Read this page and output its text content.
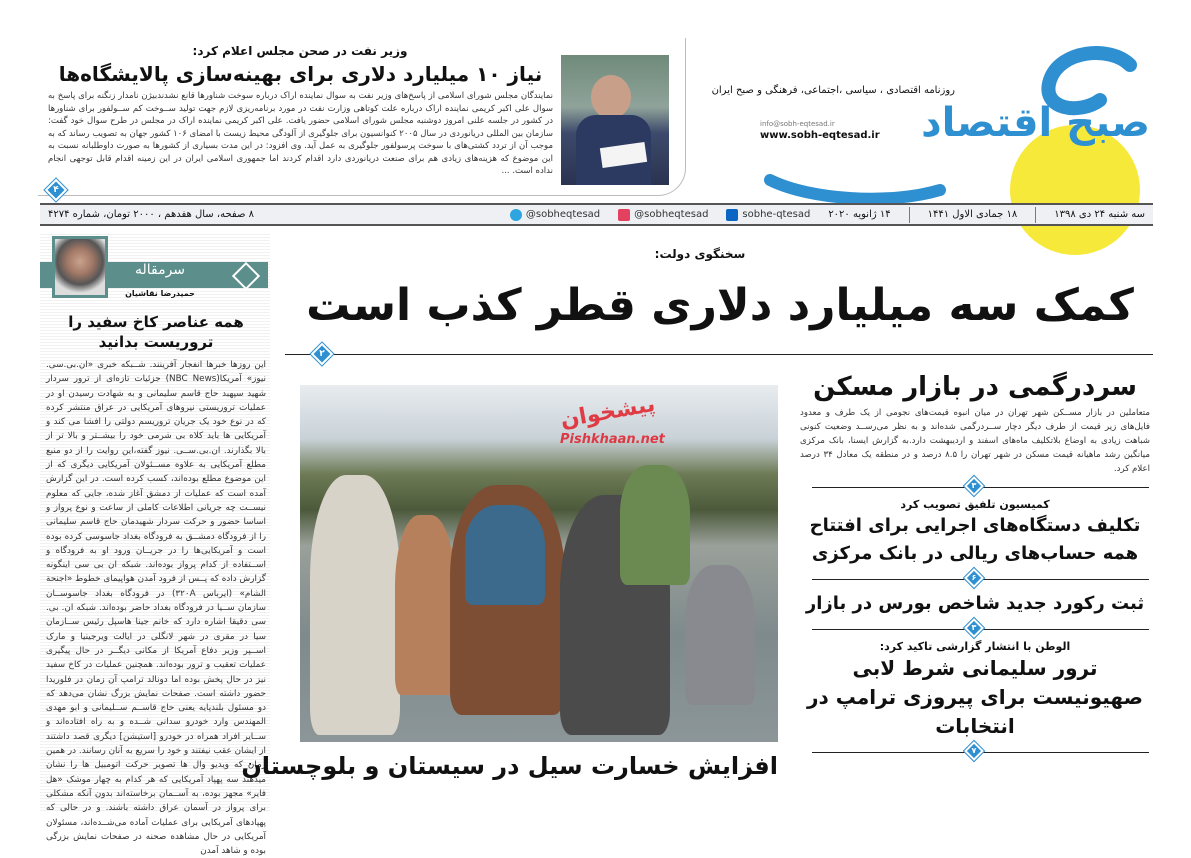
وزیر نفت در صحن مجلس اعلام کرد:
نیاز ۱۰ میلیارد دلاری برای بهینه‌سازی پالایشگاه‌ها
نمایندگان مجلس شورای اسلامی از پاسخ‌های وزیر نفت به سوال نماینده اراک درباره سوخت شناورها قانع نشدند‌بیژن نامدار زنگنه برای پاسخ به سوال علی اکبر کریمی نماینده اراک درباره علت کوتاهی وزارت نفت در مورد برنامه‌ریزی لازم جهت تولید ســوخت کم ســولفور برای شناورها در کشور در جلسه علنی امروز دوشنبه مجلس شورای اسلامی حضور یافت. علی اکبر کریمی نماینده اراک در مجلس در طرح سوال خود گفت: سازمان بین المللی دریانوردی در سال ۲۰۰۵ کنوانسیون برای جلوگیری از آلودگی محیط زیست با امضای ۱۰۶ کشور جهان به تصویب رساند که به موجب آن از تردد کشتی‌های با سوخت پرسولفور جلوگیری به عمل آید. وی افزود: در این مدت بسیاری از کشورها به صورت داوطلبانه نسبت به این موضوع که هزینه‌های زیادی هم برای صنعت دریانوردی دارد اقدام کردند اما جمهوری اسلامی ایران در این زمینه اقدام قابل توجهی انجام نداده است. ...
۴
صبح اقتصاد
روزنامه اقتصادی ، سیاسی ،اجتماعی، فرهنگی و صبح ایران
info@sobh-eqtesad.ir
www.sobh-eqtesad.ir
سه شنبه ۲۴ دی ۱۳۹۸
۱۸ جمادی الاول ۱۴۴۱
۱۴ ژانویه ۲۰۲۰
sobhe-qtesad
@sobheqtesad
@sobheqtesad
۸ صفحه، سال هفدهم ، ۲۰۰۰ تومان، شماره ۴۲۷۴
سرمقاله
حمیدرضا نقاشیان
همه عناصر کاخ سفید را تروریست بدانید
این روزها خبرها انفجار آفرینند. شــبکه خبری «ان.بی.سی. نیوز» آمریکا(NBC News) جزئیات تازه‌ای از ترور سردار شهید سپهبد حاج قاسم سلیمانی و به شهادت رسیدن او در عملیات تروریستی نیروهای آمریکایی در عراق منتشر کرده که در نوع خود یک جریان تروریسم دولتی را افشا می کند و آمریکایی ها باید کلاه بی شرمی خود را بیشــتر و بالا تر از بالا بگذارند. ان.بی.ســی. نیوز گفته،این روایت را از دو منبع مطلع آمریکایی به علاوه مســئولان آمریکایی دیگری که از این موضوع مطلع بوده‌اند، کسب کرده است. در این گزارش آمده است که عملیات از دمشق آغاز شده، جایی که معلوم نیســت چه جریانی اطلاعات کاملی از ساعت و نوع پرواز و اساسا حضور و حرکت سردار شهیدمان حاج قاسم سلیمانی را از فرودگاه دمشــق به فرودگاه بغداد جاسوسی کرده بوده است و آمریکایی‌ها را در جریــان ورود او به فرودگاه و اســتفاده از کدام پرواز بوده‌اند. شبکه ان بی سی اینگونه گزارش داده که پــس از فرود آمدن هواپیمای خطوط «اجنحة الشام» (ایرباس ۳۲۰A) در فرودگاه بغداد جاسوســان سازمان ســیا در فرودگاه بغداد حاضر بوده‌اند. شبکه ان. بی. سی دقیقا اشاره دارد که خانم جینا هاسپل رئیس ســازمان سیا در مقری در شهر لانگلی در ایالت ویرجینیا و مارک اســپر وزیر دفاع آمریکا از مکانی دیگــر در حال پیگیری عملیات تعقیب و ترور بوده‌اند. همچنین عملیات در کاخ سفید نیز در حال پخش بوده اما دونالد ترامپ آن زمان در فلوریدا حضور داشته است. صفحات نمایش بزرگ نشان می‌دهد که دو مسئول بلندپایه یعنی حاج قاســم ســلیمانی و ابو مهدی المهندس وارد خودرو سدانی شــده و به راه افتاده‌اند و ســایر افراد همراه در خودرو [استیشن] دیگری قصد داشتند از ایشان عقب نیفتند و خود را سریع به آنان رسانند. در همین زمان که ویدیو وال ها تصویر حرکت اتومبیل ها را نشان میدهند سه پهپاد آمریکایی که هر کدام به چهار موشک «هل فایر» مجهز بوده، به آســمان برخاسته‌اند بدون آنکه مشکلی برای پرواز در آسمان عراق داشته باشند. و در حالی که پهپادهای آمریکایی برای عملیات آماده می‌شــده‌اند، مسئولان آمریکایی در حال مشاهده صحنه در صفحات نمایش بزرگی بوده و شاهد آمدن
سخنگوی دولت:
کمک سه میلیارد دلاری قطر کذب است
۲
افزایش خسارت سیل در سیستان و بلوچستان
پیشخوان
Pishkhaan.net
سردرگمی در بازار مسکن
متعاملین در بازار مســکن شهر تهران در میان انبوه قیمت‌های نجومی از یک طرف و معدود فایل‌های زیر قیمت از طرف دیگر دچار ســردرگمی شده‌اند و به نظر می‌رســد وضعیت کنونی شباهت زیادی به اوضاع بلاتکلیف ماه‌های اسفند و اردیبهشت دارد.به گزارش ایسنا، بانک مرکزی میانگین رشد ماهیانه قیمت مسکن در شهر تهران را ۸.۵ درصد و در منطقه یک معادل ۳۴ درصد اعلام کرد.
۳
کمیسیون تلفیق تصویب کرد
تکلیف دستگاه‌های اجرایی برای افتتاح همه حساب‌های ریالی در بانک مرکزی
۶
ثبت رکورد جدید شاخص بورس در بازار
۳
الوطن با انتشار گزارشی تاکید کرد:
ترور سلیمانی شرط لابی صهیونیست برای پیروزی ترامپ در انتخابات
۷
